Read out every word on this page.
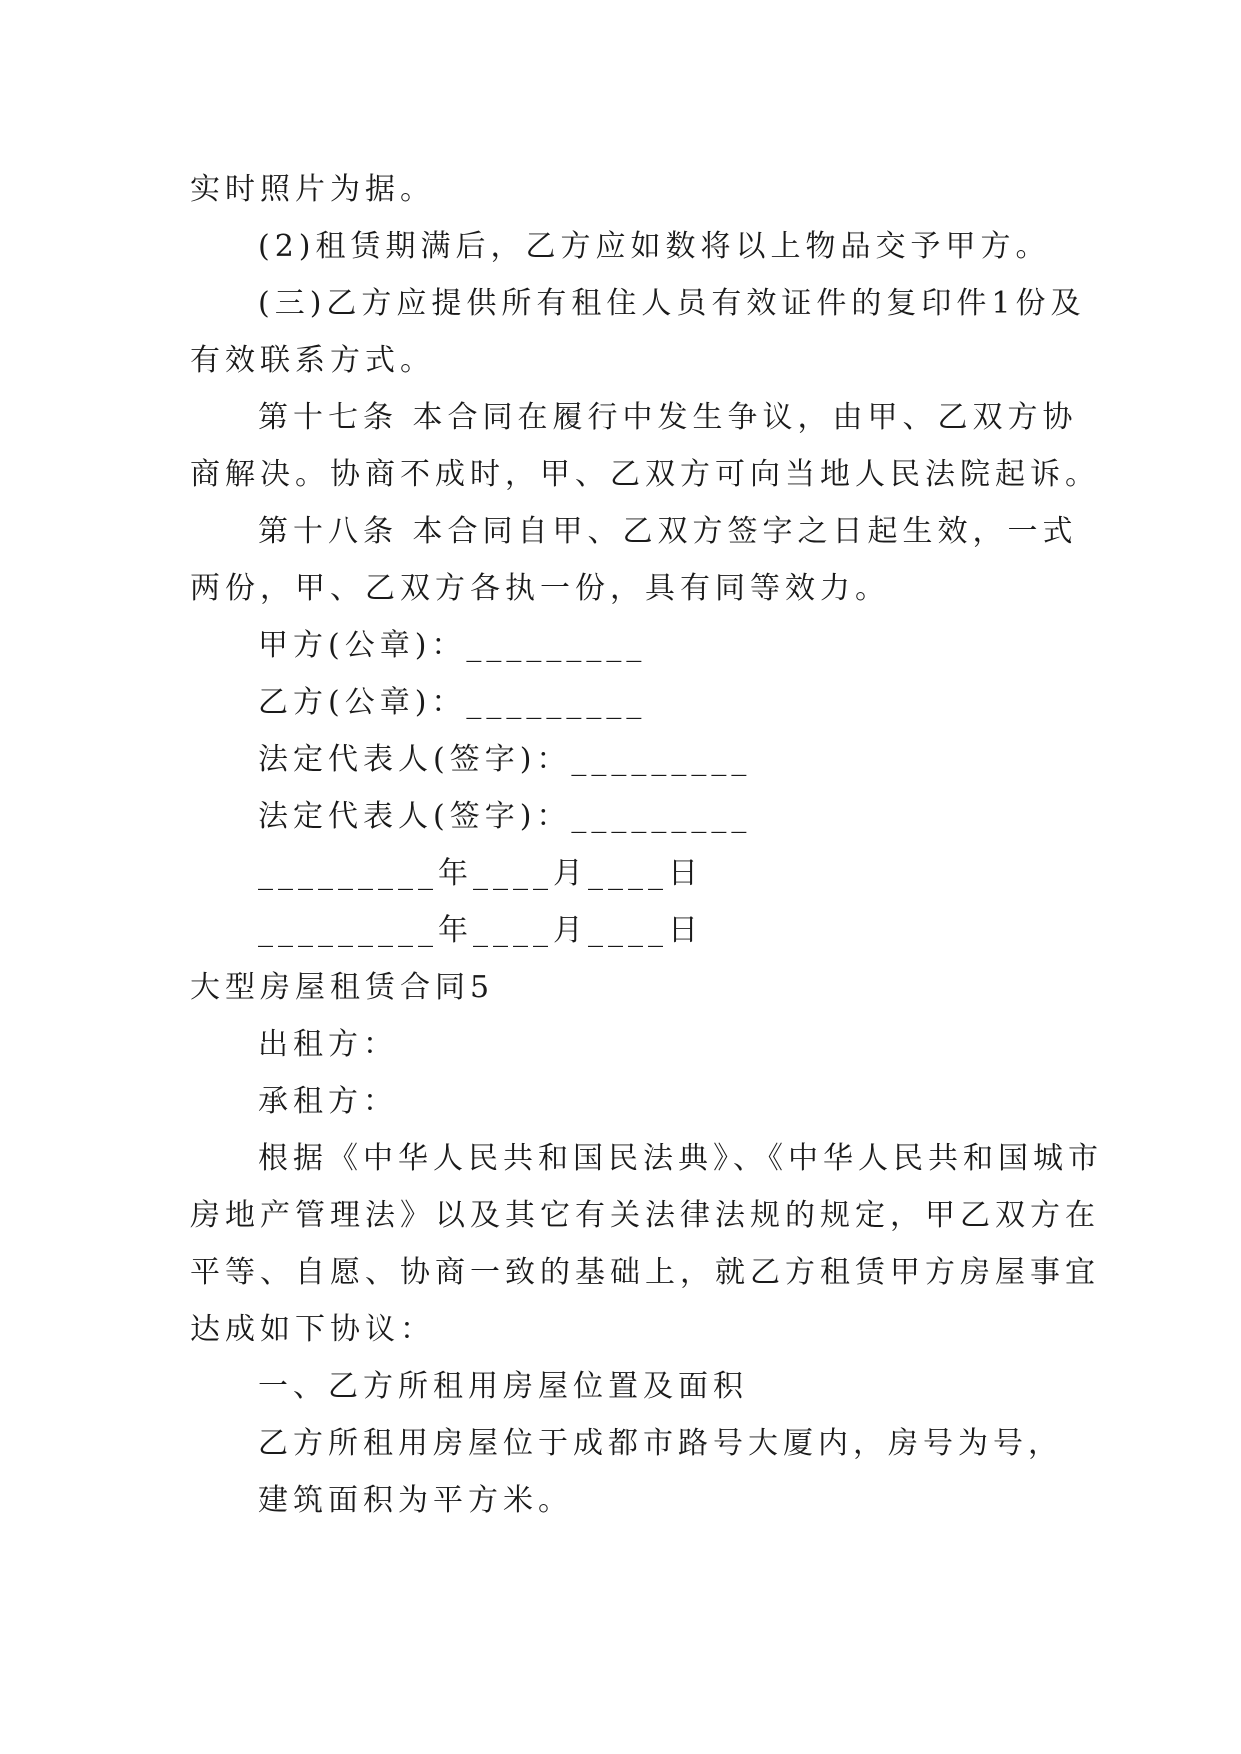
实时照片为据。
(2)租赁期满后，乙方应如数将以上物品交予甲方。
(三)乙方应提供所有租住人员有效证件的复印件1份及
有效联系方式。
第十七条 本合同在履行中发生争议，由甲、乙双方协
商解决。协商不成时，甲、乙双方可向当地人民法院起诉。
第十八条 本合同自甲、乙双方签字之日起生效，一式
两份，甲、乙双方各执一份，具有同等效力。
甲方(公章)：_________
乙方(公章)：_________
法定代表人(签字)：_________
法定代表人(签字)：_________
_________年____月____日
_________年____月____日
大型房屋租赁合同5
出租方：
承租方：
根据《中华人民共和国民法典》、《中华人民共和国城市
房地产管理法》以及其它有关法律法规的规定，甲乙双方在
平等、自愿、协商一致的基础上，就乙方租赁甲方房屋事宜
达成如下协议：
一、乙方所租用房屋位置及面积
乙方所租用房屋位于成都市路号大厦内，房号为号，
建筑面积为平方米。
